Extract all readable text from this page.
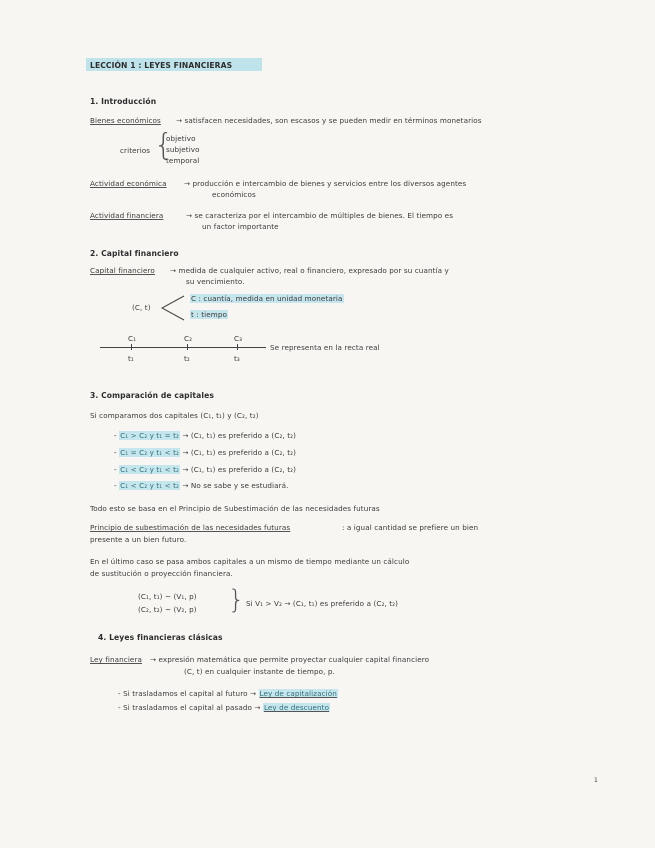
LECCIÓN 1 : LEYES FINANCIERAS
1. Introducción
Bienes económicos → satisfacen necesidades, son escasos y se pueden medir en términos monetarios
criterios {
objetivo
subjetivo
temporal
Actividad económica → producción e intercambio de bienes y servicios entre los diversos agentes
económicos
Actividad financiera	→ se caracteriza por el intercambio de múltiples de bienes. El tiempo es
un factor importante
2. Capital financiero
Capital financiero → medida de cualquier activo, real o financiero, expresado por su cuantía y
su vencimiento.
(C, t)
C : cuantía, medida en unidad monetaria
t : tiempo
C₁	C₂	C₃
t₁	t₂	t₃
Se representa en la recta real
3. Comparación de capitales
Si comparamos dos capitales (C₁, t₁) y (C₂, t₂)
- C₁ > C₂ y t₁ = t₂ → (C₁, t₁) es preferido a (C₂, t₂)
- C₁ = C₂ y t₁ < t₂ → (C₁, t₁) es preferido a (C₂, t₂)
- C₁ < C₂ y t₁ < t₂ → (C₁, t₁) es preferido a (C₂, t₂)
- C₁ < C₂ y t₁ < t₂ → No se sabe y se estudiará.
Todo esto se basa en el Principio de Subestimación de las necesidades futuras
Principio de subestimación de las necesidades futuras	: a igual cantidad se prefiere un bien
presente a un bien futuro.
En el último caso se pasa ambos capitales a un mismo de tiempo mediante un cálculo
de sustitución o proyección financiera.
(C₁, t₁) ~ (V₁, p)
(C₂, t₂) ~ (V₂, p) } Si V₁ > V₂ → (C₁, t₁) es preferido a (C₂, t₂)
4. Leyes financieras clásicas
Ley financiera → expresión matemática que permite proyectar cualquier capital financiero
(C, t) en cualquier instante de tiempo, p.
- Si trasladamos el capital al futuro → Ley de capitalización
- Si trasladamos el capital al pasado → Ley de descuento
1
